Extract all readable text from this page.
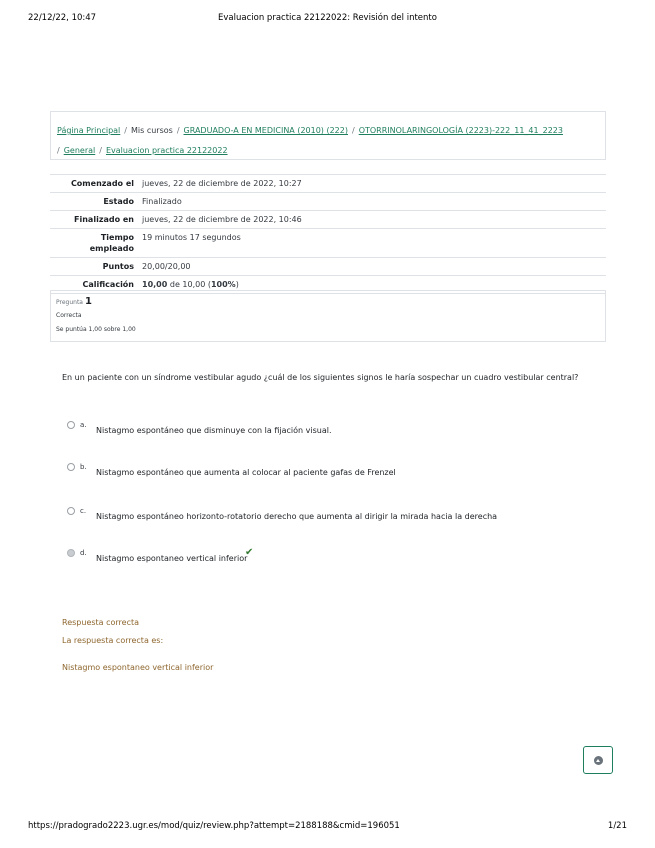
22/12/22, 10:47	Evaluacion practica 22122022: Revisión del intento
Página Principal / Mis cursos / GRADUADO-A EN MEDICINA (2010) (222) / OTORRINOLARINGOLOGÍA (2223)-222_11_41_2223
/ General / Evaluacion practica 22122022
Comenzado el	jueves, 22 de diciembre de 2022, 10:27
Estado	Finalizado
Finalizado en	jueves, 22 de diciembre de 2022, 10:46
Tiempo
empleado	19 minutos 17 segundos
Puntos	20,00/20,00
Calificación	10,00 de 10,00 (100%)
Pregunta 1
Correcta
Se puntúa 1,00 sobre 1,00
En un paciente con un síndrome vestibular agudo ¿cuál de los siguientes signos le haría sospechar un cuadro vestibular central?
a.
Nistagmo espontáneo que disminuye con la fijación visual.
b.
Nistagmo espontáneo que aumenta al colocar al paciente gafas de Frenzel
c.
Nistagmo espontáneo horizonto-rotatorio derecho que aumenta al dirigir la mirada hacia la derecha
d.
Nistagmo espontaneo vertical inferior
✔
Respuesta correcta
La respuesta correcta es:
Nistagmo espontaneo vertical inferior
https://pradogrado2223.ugr.es/mod/quiz/review.php?attempt=2188188&cmid=196051	1/21
